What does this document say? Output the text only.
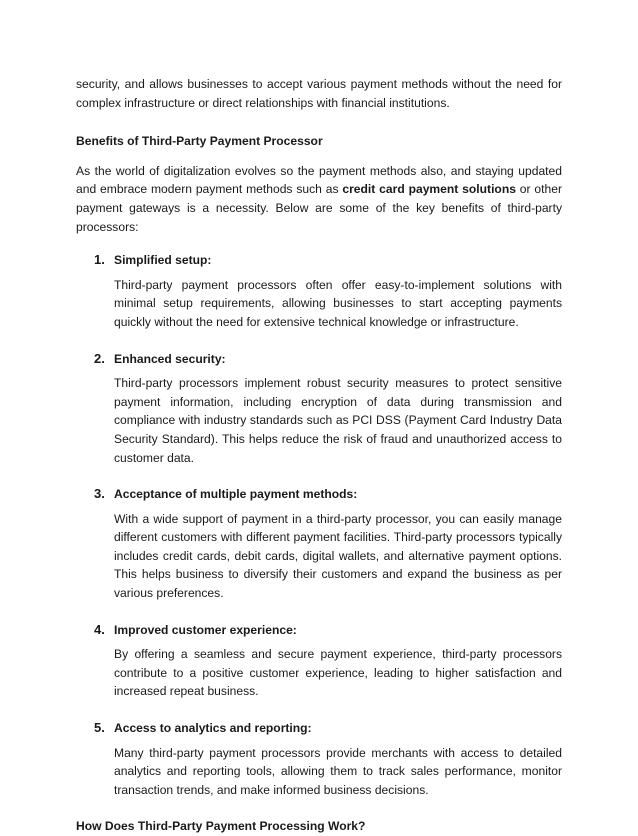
security, and allows businesses to accept various payment methods without the need for complex infrastructure or direct relationships with financial institutions.

Benefits of Third-Party Payment Processor

As the world of digitalization evolves so the payment methods also, and staying updated and embrace modern payment methods such as credit card payment solutions or other payment gateways is a necessity. Below are some of the key benefits of third-party processors:

1. Simplified setup:

Third-party payment processors often offer easy-to-implement solutions with minimal setup requirements, allowing businesses to start accepting payments quickly without the need for extensive technical knowledge or infrastructure.

2. Enhanced security:

Third-party processors implement robust security measures to protect sensitive payment information, including encryption of data during transmission and compliance with industry standards such as PCI DSS (Payment Card Industry Data Security Standard). This helps reduce the risk of fraud and unauthorized access to customer data.

3. Acceptance of multiple payment methods:

With a wide support of payment in a third-party processor, you can easily manage different customers with different payment facilities. Third-party processors typically includes credit cards, debit cards, digital wallets, and alternative payment options. This helps business to diversify their customers and expand the business as per various preferences.

4. Improved customer experience:

By offering a seamless and secure payment experience, third-party processors contribute to a positive customer experience, leading to higher satisfaction and increased repeat business.

5. Access to analytics and reporting:

Many third-party payment processors provide merchants with access to detailed analytics and reporting tools, allowing them to track sales performance, monitor transaction trends, and make informed business decisions.

How Does Third-Party Payment Processing Work?
